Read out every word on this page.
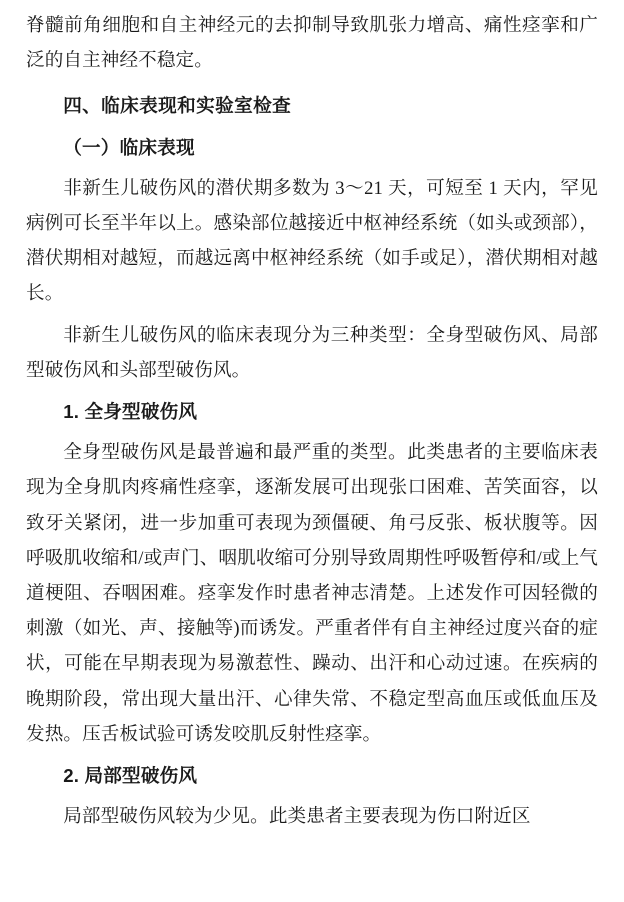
脊髓前角细胞和自主神经元的去抑制导致肌张力增高、痛性痉挛和广泛的自主神经不稳定。

四、临床表现和实验室检查

（一）临床表现

非新生儿破伤风的潜伏期多数为 3～21 天，可短至 1 天内，罕见病例可长至半年以上。感染部位越接近中枢神经系统（如头或颈部），潜伏期相对越短，而越远离中枢神经系统（如手或足），潜伏期相对越长。

非新生儿破伤风的临床表现分为三种类型：全身型破伤风、局部型破伤风和头部型破伤风。

1. 全身型破伤风

全身型破伤风是最普遍和最严重的类型。此类患者的主要临床表现为全身肌肉疼痛性痉挛，逐渐发展可出现张口困难、苦笑面容，以致牙关紧闭，进一步加重可表现为颈僵硬、角弓反张、板状腹等。因呼吸肌收缩和/或声门、咽肌收缩可分别导致周期性呼吸暂停和/或上气道梗阻、吞咽困难。痉挛发作时患者神志清楚。上述发作可因轻微的刺激（如光、声、接触等)而诱发。严重者伴有自主神经过度兴奋的症状，可能在早期表现为易激惹性、躁动、出汗和心动过速。在疾病的晚期阶段，常出现大量出汗、心律失常、不稳定型高血压或低血压及发热。压舌板试验可诱发咬肌反射性痉挛。

2. 局部型破伤风

局部型破伤风较为少见。此类患者主要表现为伤口附近区
